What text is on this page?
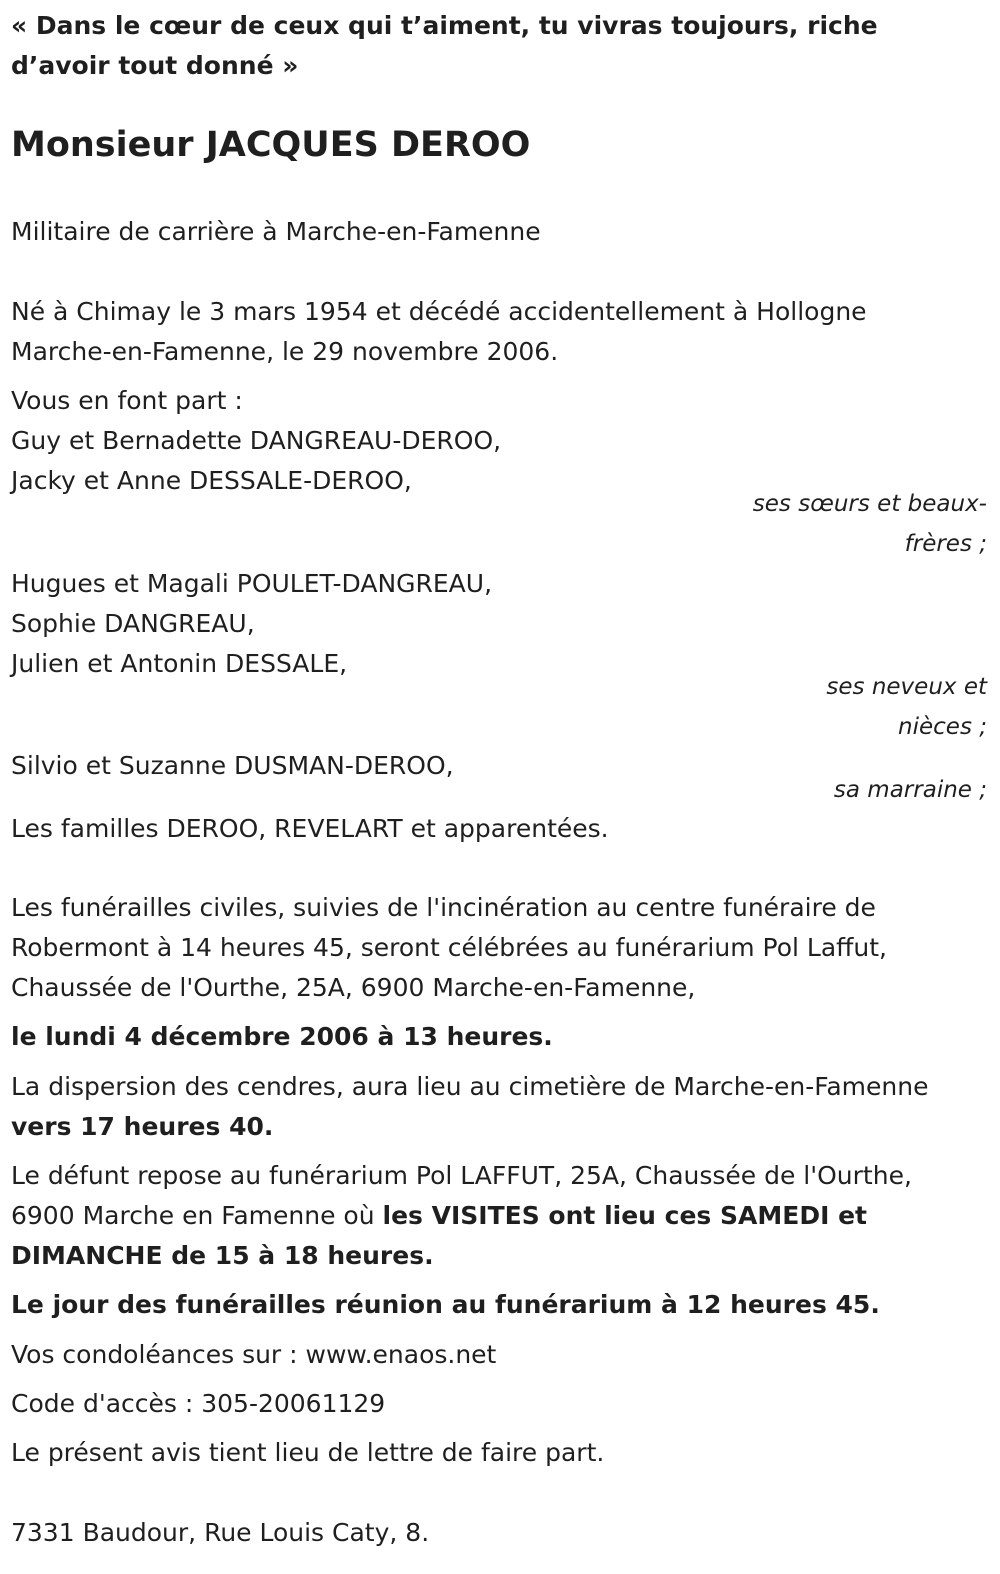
« Dans le cœur de ceux qui t’aiment, tu vivras toujours, riche d’avoir tout donné »

Monsieur JACQUES DEROO

Militaire de carrière à Marche-en-Famenne

Né à Chimay le 3 mars 1954 et décédé accidentellement à Hollogne

Marche-en-Famenne, le 29 novembre 2006.

Vous en font part :

Guy et Bernadette DANGREAU-DEROO,

Jacky et Anne DESSALE-DEROO,

ses sœurs et beaux-

frères ;

Hugues et Magali POULET-DANGREAU,

Sophie DANGREAU,

Julien et Antonin DESSALE,

ses neveux et

nièces ;

Silvio et Suzanne DUSMAN-DEROO,

sa marraine ;

Les familles DEROO, REVELART et apparentées.

Les funérailles civiles, suivies de l'incinération au centre funéraire de

Robermont à 14 heures 45, seront célébrées au funérarium Pol Laffut,

Chaussée de l'Ourthe, 25A, 6900 Marche-en-Famenne,

le lundi 4 décembre 2006 à 13 heures.

La dispersion des cendres, aura lieu au cimetière de Marche-en-Famenne

vers 17 heures 40.

Le défunt repose au funérarium Pol LAFFUT, 25A, Chaussée de l'Ourthe,

6900 Marche en Famenne où les VISITES ont lieu ces SAMEDI et

DIMANCHE de 15 à 18 heures.

Le jour des funérailles réunion au funérarium à 12 heures 45.

Vos condoléances sur : www.enaos.net

Code d'accès : 305-20061129

Le présent avis tient lieu de lettre de faire part.

7331 Baudour, Rue Louis Caty, 8.
